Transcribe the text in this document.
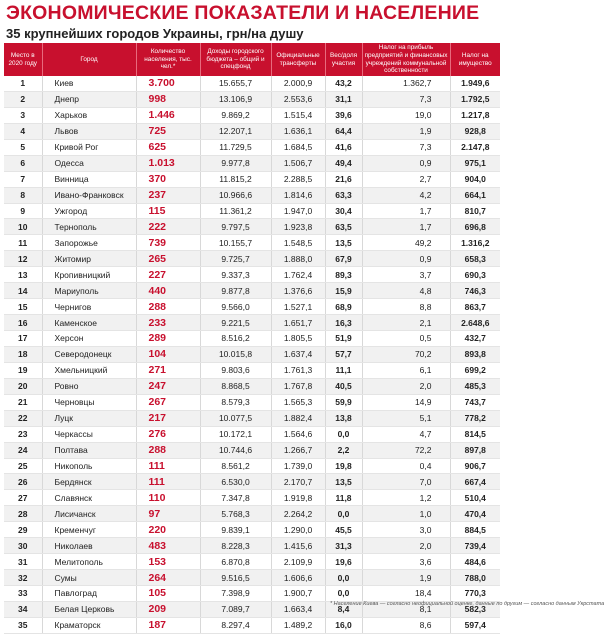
ЭКОНОМИЧЕСКИЕ ПОКАЗАТЕЛИ И НАСЕЛЕНИЕ
35 крупнейших городов Украины, грн/на душу
Место в 2020 году	Город	Количество населения, тыс. чел.*	Доходы городского бюджета – общий и спецфонд	Официальные трансферты	Вес/доля участия	Налог на прибыль предприятий и финансовых учреждений коммунальной собственности	Налог на имущество
1	Киев	3.700	15.655,7	2.000,9	43,2	1.362,7	1.949,6
2	Днепр	998	13.106,9	2.553,6	31,1	7,3	1.792,5
3	Харьков	1.446	9.869,2	1.515,4	39,6	19,0	1.217,8
4	Львов	725	12.207,1	1.636,1	64,4	1,9	928,8
5	Кривой Рог	625	11.729,5	1.684,5	41,6	7,3	2.147,8
6	Одесса	1.013	9.977,8	1.506,7	49,4	0,9	975,1
7	Винница	370	11.815,2	2.288,5	21,6	2,7	904,0
8	Ивано-Франковск	237	10.966,6	1.814,6	63,3	4,2	664,1
9	Ужгород	115	11.361,2	1.947,0	30,4	1,7	810,7
10	Тернополь	222	9.797,5	1.923,8	63,5	1,7	696,8
11	Запорожье	739	10.155,7	1.548,5	13,5	49,2	1.316,2
12	Житомир	265	9.725,7	1.888,0	67,9	0,9	658,3
13	Кропивницкий	227	9.337,3	1.762,4	89,3	3,7	690,3
14	Мариуполь	440	9.877,8	1.376,6	15,9	4,8	746,3
15	Чернигов	288	9.566,0	1.527,1	68,9	8,8	863,7
16	Каменское	233	9.221,5	1.651,7	16,3	2,1	2.648,6
17	Херсон	289	8.516,2	1.805,5	51,9	0,5	432,7
18	Северодонецк	104	10.015,8	1.637,4	57,7	70,2	893,8
19	Хмельницкий	271	9.803,6	1.761,3	11,1	6,1	699,2
20	Ровно	247	8.868,5	1.767,8	40,5	2,0	485,3
21	Черновцы	267	8.579,3	1.565,3	59,9	14,9	743,7
22	Луцк	217	10.077,5	1.882,4	13,8	5,1	778,2
23	Черкассы	276	10.172,1	1.564,6	0,0	4,7	814,5
24	Полтава	288	10.744,6	1.266,7	2,2	72,2	897,8
25	Никополь	111	8.561,2	1.739,0	19,8	0,4	906,7
26	Бердянск	111	6.530,0	2.170,7	13,5	7,0	667,4
27	Славянск	110	7.347,8	1.919,8	11,8	1,2	510,4
28	Лисичанск	97	5.768,3	2.264,2	0,0	1,0	470,4
29	Кременчуг	220	9.839,1	1.290,0	45,5	3,0	884,5
30	Николаев	483	8.228,3	1.415,6	31,3	2,0	739,4
31	Мелитополь	153	6.870,8	2.109,9	19,6	3,6	484,6
32	Сумы	264	9.516,5	1.606,6	0,0	1,9	788,0
33	Павлоград	105	7.398,9	1.900,7	0,0	18,4	770,3
34	Белая Церковь	209	7.089,7	1.663,4	8,4	8,1	582,3
35	Краматорск	187	8.297,4	1.489,2	16,0	8,6	597,4
* Население Киева — согласно неофициальной оценке, данные по другим — согласно данным Укрстата
